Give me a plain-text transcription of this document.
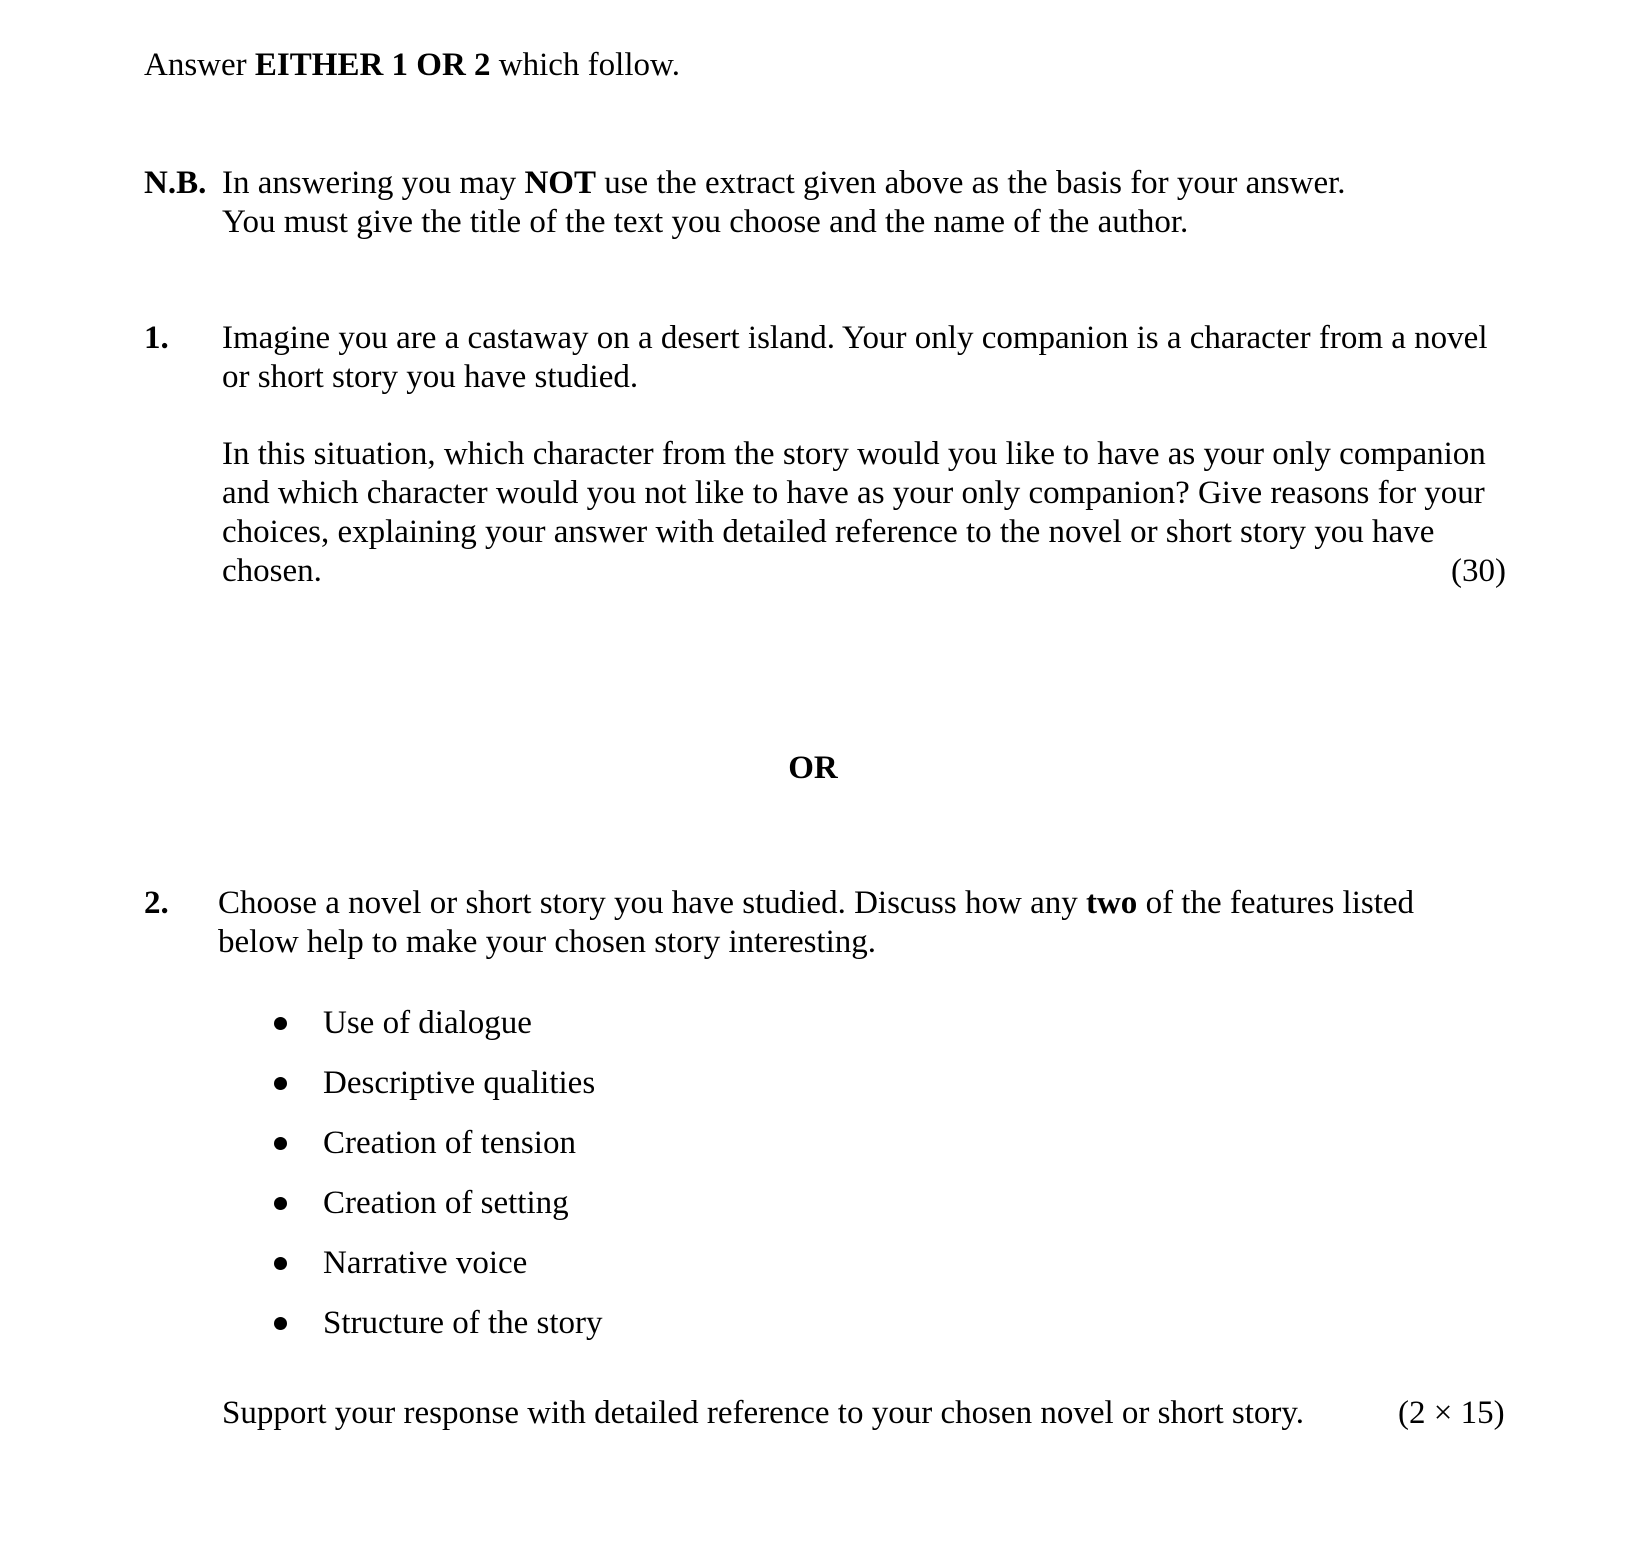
Answer EITHER 1 OR 2 which follow.
N.B. In answering you may NOT use the extract given above as the basis for your answer.
You must give the title of the text you choose and the name of the author.
1. Imagine you are a castaway on a desert island. Your only companion is a character from a novel
or short story you have studied.
In this situation, which character from the story would you like to have as your only companion
and which character would you not like to have as your only companion? Give reasons for your
choices, explaining your answer with detailed reference to the novel or short story you have
chosen.	(30)
OR
2. Choose a novel or short story you have studied. Discuss how any two of the features listed
below help to make your chosen story interesting.
Use of dialogue
Descriptive qualities
Creation of tension
Creation of setting
Narrative voice
Structure of the story
Support your response with detailed reference to your chosen novel or short story.	(2 × 15)
